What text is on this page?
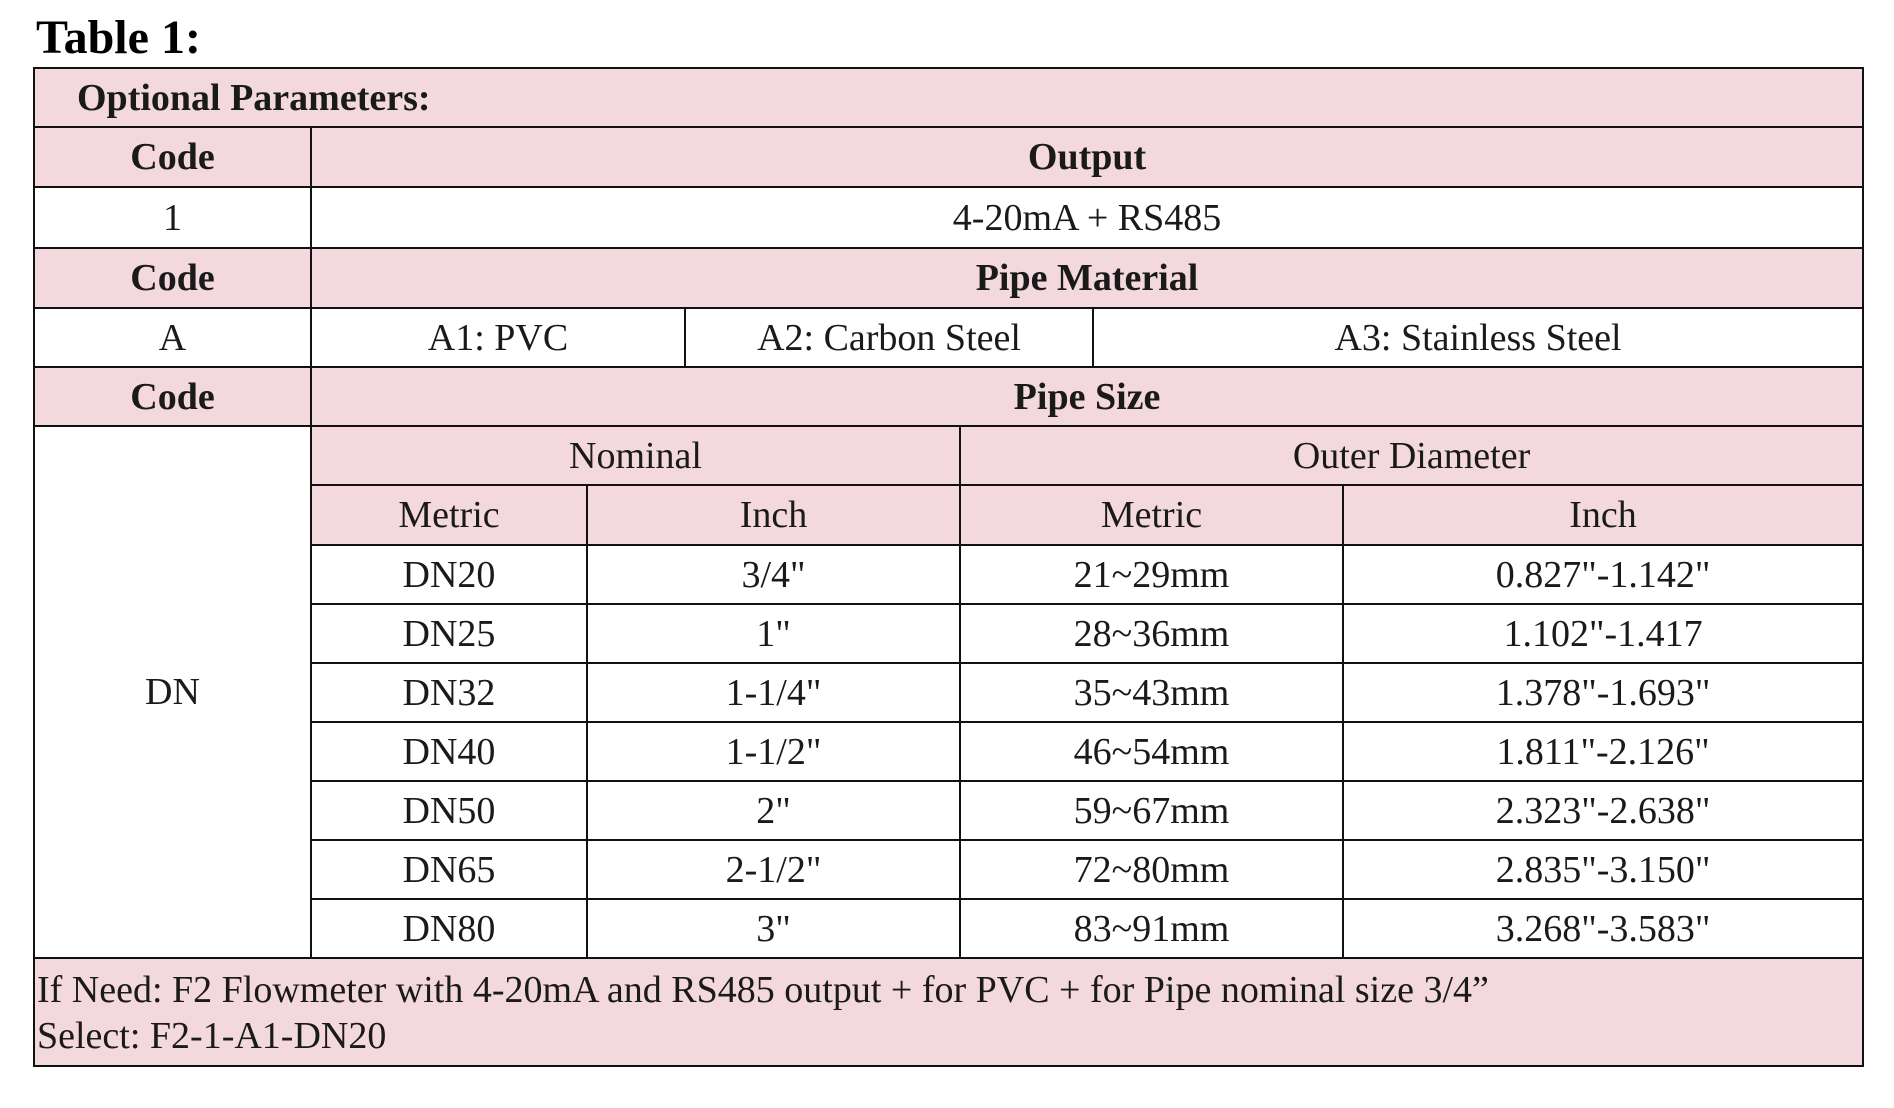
Table 1:
Optional Parameters:						
Code	Output					
1	4-20mA + RS485					
Code	Pipe Material					
A	A1: PVC		A2: Carbon Steel		A3: Stainless Steel	
Code	Pipe Size					
DN	Nominal			Outer Diameter		
	Metric	Inch		Metric		Inch
	DN20	3/4"		21~29mm		0.827"-1.142"
	DN25	1"		28~36mm		1.102"-1.417
	DN32	1-1/4"		35~43mm		1.378"-1.693"
	DN40	1-1/2"		46~54mm		1.811"-2.126"
	DN50	2"		59~67mm		2.323"-2.638"
	DN65	2-1/2"		72~80mm		2.835"-3.150"
	DN80	3"		83~91mm		3.268"-3.583"

If Need: F2 Flowmeter with 4-20mA and RS485 output + for PVC + for Pipe nominal size 3/4”
Select: F2-1-A1-DN20						
